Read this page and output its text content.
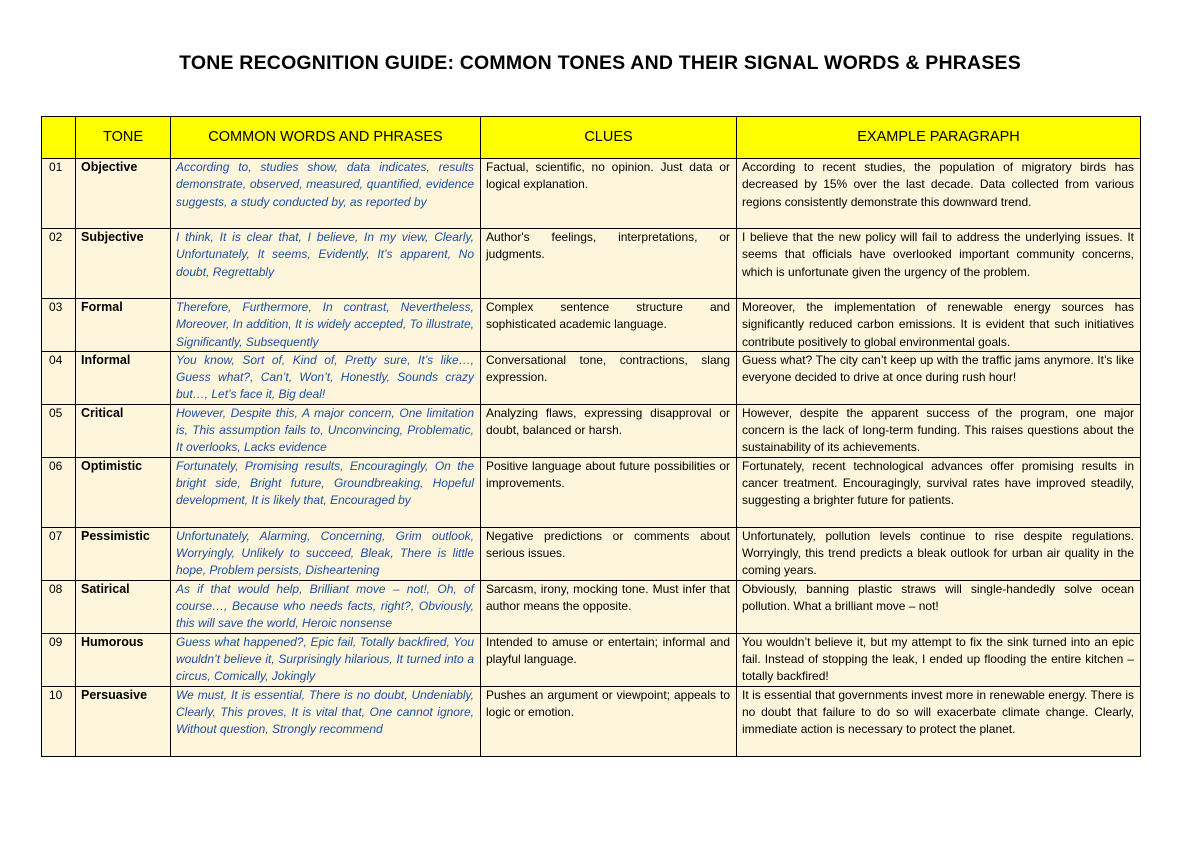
TONE RECOGNITION GUIDE: COMMON TONES AND THEIR SIGNAL WORDS & PHRASES
	TONE	COMMON WORDS AND PHRASES	CLUES	EXAMPLE PARAGRAPH
01	Objective	According to, studies show, data indicates, results demonstrate, observed, measured, quantified, evidence suggests, a study conducted by, as reported by	Factual, scientific, no opinion. Just data or logical explanation.	According to recent studies, the population of migratory birds has decreased by 15% over the last decade. Data collected from various regions consistently demonstrate this downward trend.
02	Subjective	I think, It is clear that, I believe, In my view, Clearly, Unfortunately, It seems, Evidently, It’s apparent, No doubt, Regrettably	Author's feelings, interpretations, or judgments.	I believe that the new policy will fail to address the underlying issues. It seems that officials have overlooked important community concerns, which is unfortunate given the urgency of the problem.
03	Formal	Therefore, Furthermore, In contrast, Nevertheless, Moreover, In addition, It is widely accepted, To illustrate, Significantly, Subsequently	Complex sentence structure and sophisticated academic language.	Moreover, the implementation of renewable energy sources has significantly reduced carbon emissions. It is evident that such initiatives contribute positively to global environmental goals.
04	Informal	You know, Sort of, Kind of, Pretty sure, It’s like…, Guess what?, Can’t, Won’t, Honestly, Sounds crazy but…, Let’s face it, Big deal!	Conversational tone, contractions, slang expression.	Guess what? The city can’t keep up with the traffic jams anymore. It’s like everyone decided to drive at once during rush hour!
05	Critical	However, Despite this, A major concern, One limitation is, This assumption fails to, Unconvincing, Problematic, It overlooks, Lacks evidence	Analyzing flaws, expressing disapproval or doubt, balanced or harsh.	However, despite the apparent success of the program, one major concern is the lack of long-term funding. This raises questions about the sustainability of its achievements.
06	Optimistic	Fortunately, Promising results, Encouragingly, On the bright side, Bright future, Groundbreaking, Hopeful development, It is likely that, Encouraged by	Positive language about future possibilities or improvements.	Fortunately, recent technological advances offer promising results in cancer treatment. Encouragingly, survival rates have improved steadily, suggesting a brighter future for patients.
07	Pessimistic	Unfortunately, Alarming, Concerning, Grim outlook, Worryingly, Unlikely to succeed, Bleak, There is little hope, Problem persists, Disheartening	Negative predictions or comments about serious issues.	Unfortunately, pollution levels continue to rise despite regulations. Worryingly, this trend predicts a bleak outlook for urban air quality in the coming years.
08	Satirical	As if that would help, Brilliant move – not!, Oh, of course…, Because who needs facts, right?, Obviously, this will save the world, Heroic nonsense	Sarcasm, irony, mocking tone. Must infer that author means the opposite.	Obviously, banning plastic straws will single-handedly solve ocean pollution. What a brilliant move – not!
09	Humorous	Guess what happened?, Epic fail, Totally backfired, You wouldn’t believe it, Surprisingly hilarious, It turned into a circus, Comically, Jokingly	Intended to amuse or entertain; informal and playful language.	You wouldn’t believe it, but my attempt to fix the sink turned into an epic fail. Instead of stopping the leak, I ended up flooding the entire kitchen – totally backfired!
10	Persuasive	We must, It is essential, There is no doubt, Undeniably, Clearly, This proves, It is vital that, One cannot ignore, Without question, Strongly recommend	Pushes an argument or viewpoint; appeals to logic or emotion.	It is essential that governments invest more in renewable energy. There is no doubt that failure to do so will exacerbate climate change. Clearly, immediate action is necessary to protect the planet.
